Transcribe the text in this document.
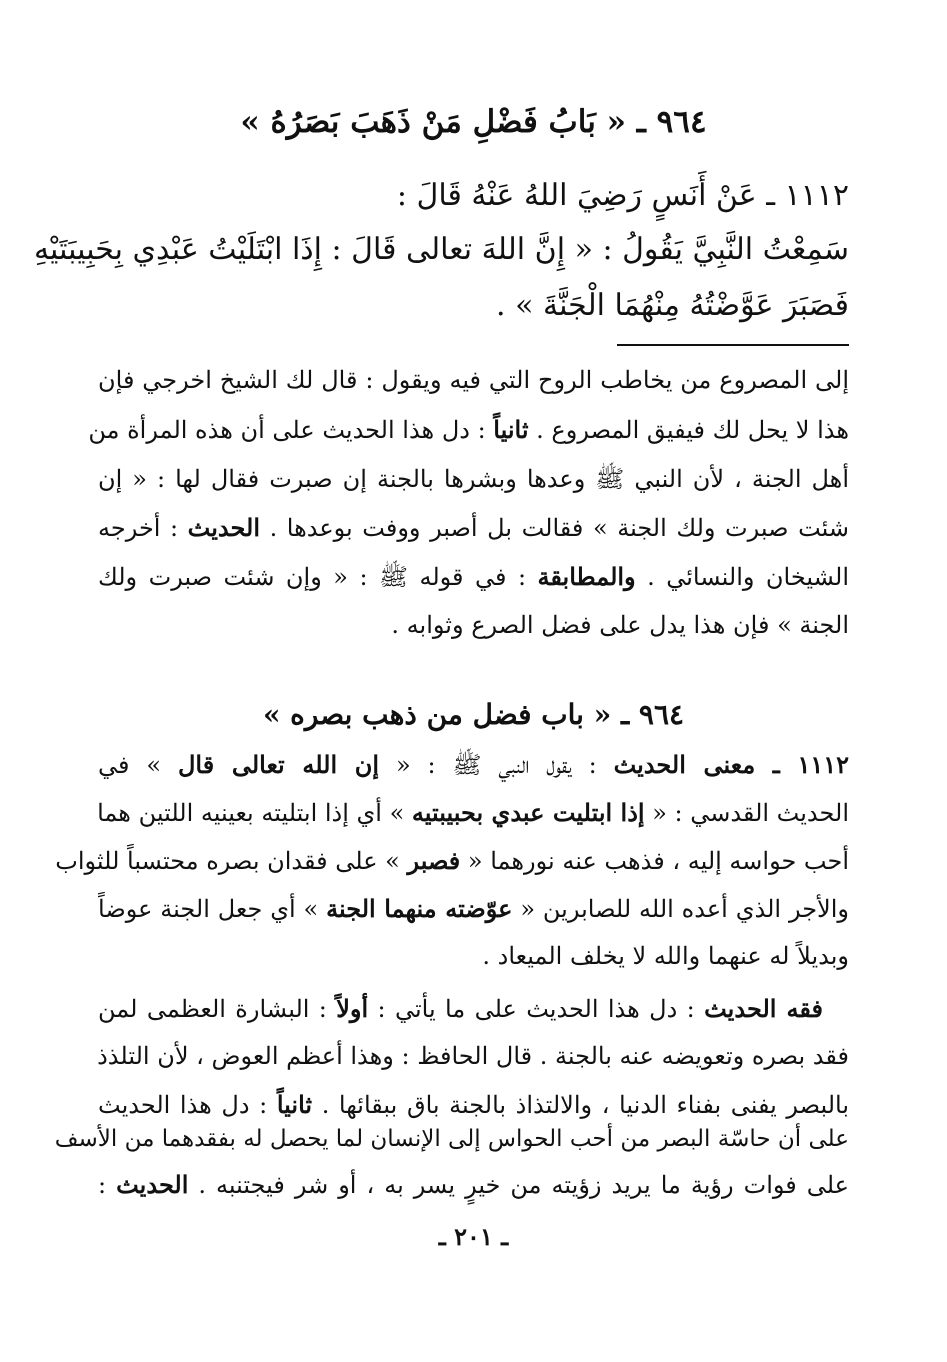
٩٦٤ ـ « بَابُ فَضْلِ مَنْ ذَهَبَ بَصَرُهُ »
١١١٢ ـ عَنْ أَنَسٍ رَضِيَ اللهُ عَنْهُ قَالَ :
سَمِعْتُ النَّبِيَّ يَقُولُ : « إِنَّ اللهَ تعالى قَالَ : إِذَا ابْتَلَيْتُ عَبْدِي بِحَبِيبَتَيْهِ
فَصَبَرَ عَوَّضْتُهُ مِنْهُمَا الْجَنَّةَ » .
إلى المصروع من يخاطب الروح التي فيه ويقول : قال لك الشيخ اخرجي فإن
هذا لا يحل لك فيفيق المصروع . ثانياً : دل هذا الحديث على أن هذه المرأة من
أهل الجنة ، لأن النبي ﷺ وعدها وبشرها بالجنة إن صبرت فقال لها : « إن
شئت صبرت ولك الجنة » فقالت بل أصبر ووفت بوعدها . الحديث : أخرجه
الشيخان والنسائي . والمطابقة : في قوله ﷺ : « وإن شئت صبرت ولك
الجنة » فإن هذا يدل على فضل الصرع وثوابه .
٩٦٤ ـ « باب فضل من ذهب بصره »
١١١٢ ـ معنى الحديث : يقول النبي ﷺ : « إن الله تعالى قال » في
الحديث القدسي : « إذا ابتليت عبدي بحبيبتيه » أي إذا ابتليته بعينيه اللتين هما
أحب حواسه إليه ، فذهب عنه نورهما « فصبر » على فقدان بصره محتسباً للثواب
والأجر الذي أعده الله للصابرين « عوّضته منهما الجنة » أي جعل الجنة عوضاً
وبديلاً له عنهما والله لا يخلف الميعاد .
فقه الحديث : دل هذا الحديث على ما يأتي : أولاً : البشارة العظمى لمن
فقد بصره وتعويضه عنه بالجنة . قال الحافظ : وهذا أعظم العوض ، لأن التلذذ
بالبصر يفنى بفناء الدنيا ، والالتذاذ بالجنة باق ببقائها . ثانياً : دل هذا الحديث
على أن حاسّة البصر من أحب الحواس إلى الإنسان لما يحصل له بفقدهما من الأسف
على فوات رؤية ما يريد زؤيته من خيرٍ يسر به ، أو شر فيجتنبه . الحديث :
ـ ٢٠١ ـ
